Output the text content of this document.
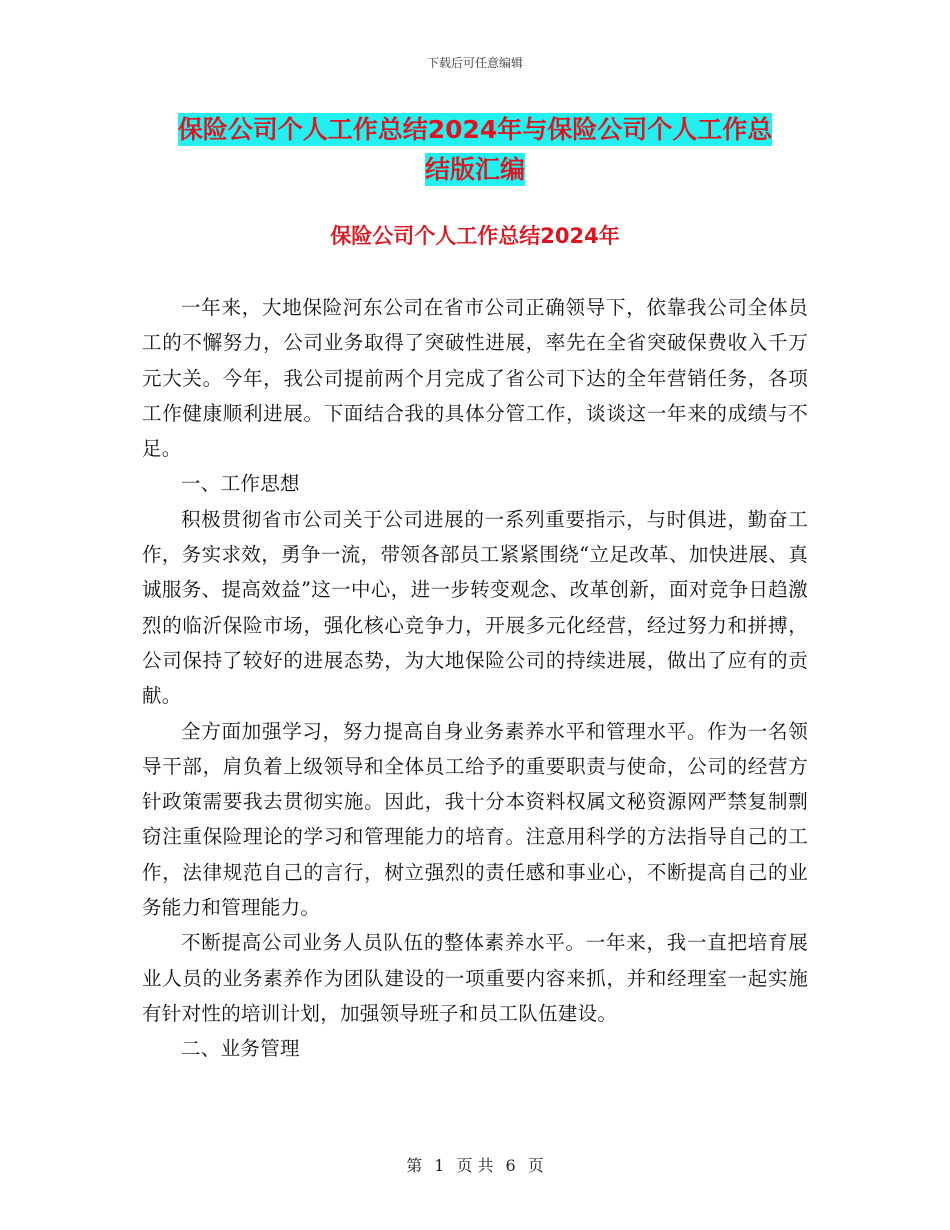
下载后可任意编辑
保险公司个人工作总结2024年与保险公司个人工作总
结版汇编
保险公司个人工作总结2024年

一年来，大地保险河东公司在省市公司正确领导下，依靠我公司全体员工的不懈努力，公司业务取得了突破性进展，率先在全省突破保费收入千万元大关。今年，我公司提前两个月完成了省公司下达的全年营销任务，各项工作健康顺利进展。下面结合我的具体分管工作，谈谈这一年来的成绩与不足。

一、工作思想

积极贯彻省市公司关于公司进展的一系列重要指示，与时俱进，勤奋工作，务实求效，勇争一流，带领各部员工紧紧围绕“立足改革、加快进展、真诚服务、提高效益”这一中心，进一步转变观念、改革创新，面对竞争日趋激烈的临沂保险市场，强化核心竞争力，开展多元化经营，经过努力和拼搏，公司保持了较好的进展态势，为大地保险公司的持续进展，做出了应有的贡献。

全方面加强学习，努力提高自身业务素养水平和管理水平。作为一名领导干部，肩负着上级领导和全体员工给予的重要职责与使命，公司的经营方针政策需要我去贯彻实施。因此，我十分本资料权属文秘资源网严禁复制剽窃注重保险理论的学习和管理能力的培育。注意用科学的方法指导自己的工作，法律规范自己的言行，树立强烈的责任感和事业心，不断提高自己的业务能力和管理能力。

不断提高公司业务人员队伍的整体素养水平。一年来，我一直把培育展业人员的业务素养作为团队建设的一项重要内容来抓，并和经理室一起实施有针对性的培训计划，加强领导班子和员工队伍建设。

二、业务管理

第 1 页 共 6 页
